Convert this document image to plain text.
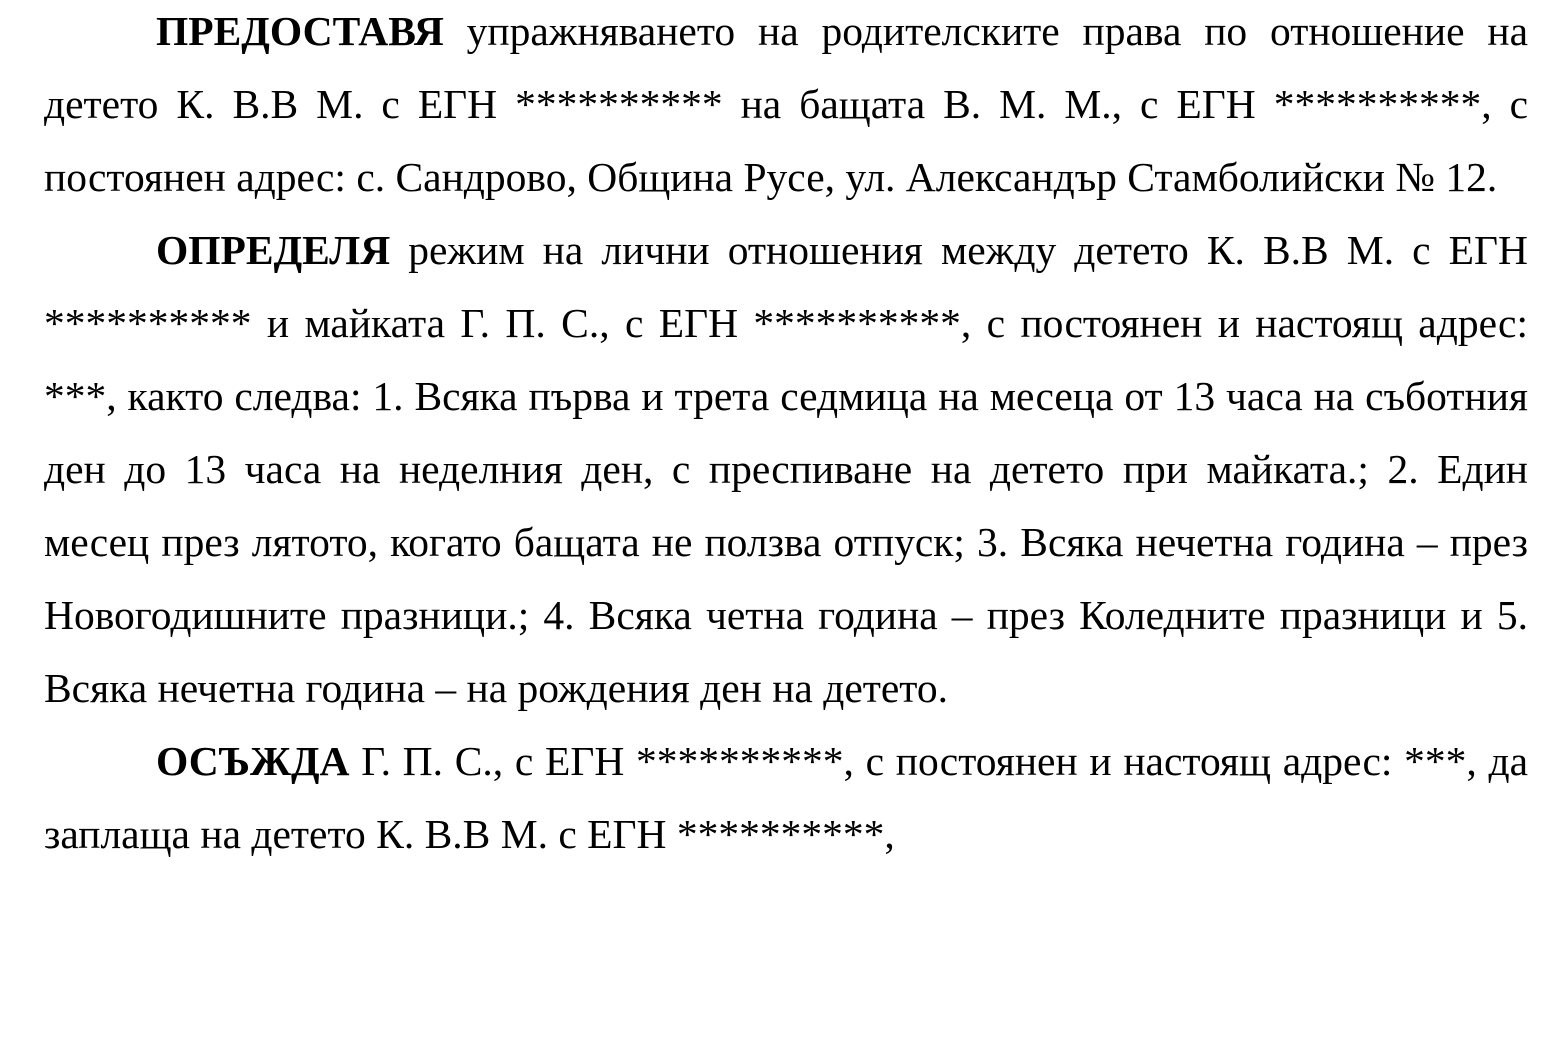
ПРЕДОСТАВЯ упражняването на родителските права по отношение на детето К. В.В М. с ЕГН ********** на бащата В. М. М., с ЕГН **********, с постоянен адрес: с. Сандрово, Община Русе, ул. Александър Стамболийски № 12.

ОПРЕДЕЛЯ режим на лични отношения между детето К. В.В М. с ЕГН ********** и майката Г. П. С., с ЕГН **********, с постоянен и настоящ адрес: ***, както следва: 1. Всяка първа и трета седмица на месеца от 13 часа на съботния ден до 13 часа на неделния ден, с преспиване на детето при майката.; 2. Един месец през лятото, когато бащата не ползва отпуск; 3. Всяка нечетна година – през Новогодишните празници.; 4. Всяка четна година – през Коледните празници и 5. Всяка нечетна година – на рождения ден на детето.

ОСЪЖДА Г. П. С., с ЕГН **********, с постоянен и настоящ адрес: ***, да заплаща на детето К. В.В М. с ЕГН **********,
